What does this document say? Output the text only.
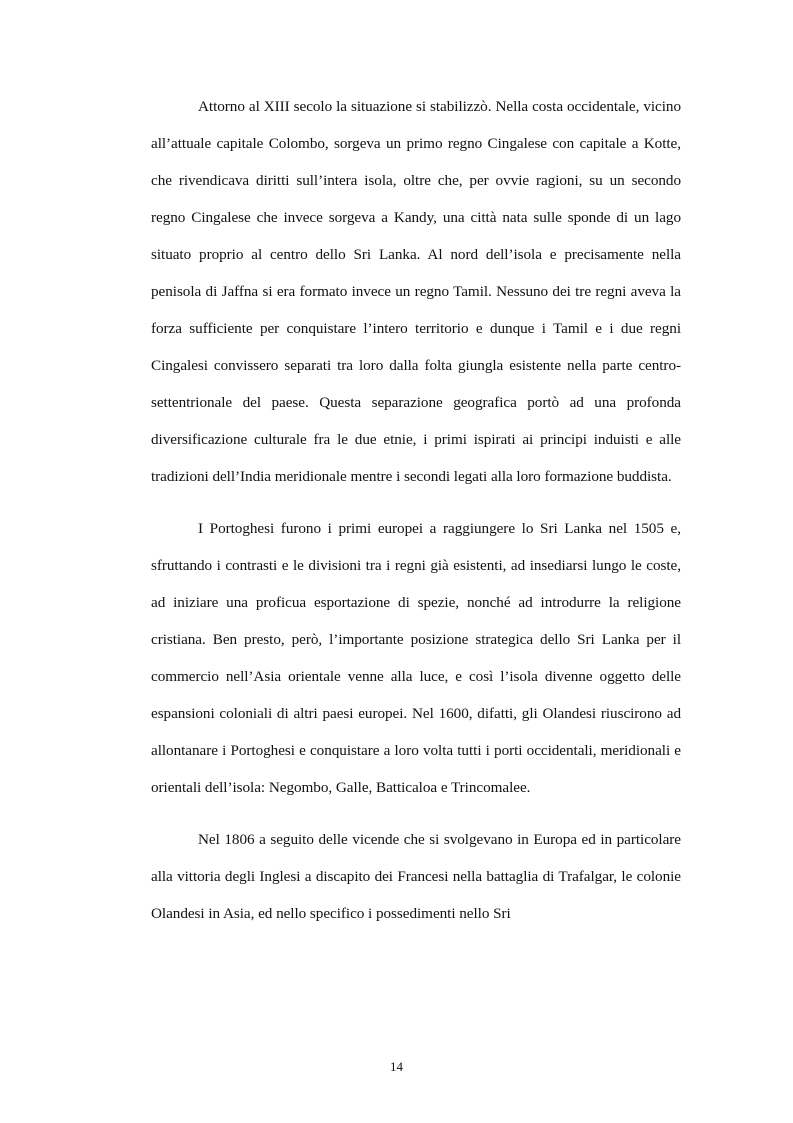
Attorno al XIII secolo la situazione si stabilizzò. Nella costa occidentale, vicino all’attuale capitale Colombo, sorgeva un primo regno Cingalese con capitale a Kotte, che rivendicava diritti sull’intera isola, oltre che, per ovvie ragioni, su un secondo regno Cingalese che invece sorgeva a Kandy, una città nata sulle sponde di un lago situato proprio al centro dello Sri Lanka. Al nord dell’isola e precisamente nella penisola di Jaffna si era formato invece un regno Tamil. Nessuno dei tre regni aveva la forza sufficiente per conquistare l’intero territorio e dunque i Tamil e i due regni Cingalesi convissero separati tra loro dalla folta giungla esistente nella parte centro-settentrionale del paese. Questa separazione geografica portò ad una profonda diversificazione culturale fra le due etnie, i primi ispirati ai principi induisti e alle tradizioni dell’India meridionale mentre i secondi legati alla loro formazione buddista.

I Portoghesi furono i primi europei a raggiungere lo Sri Lanka nel 1505 e, sfruttando i contrasti e le divisioni tra i regni già esistenti, ad insediarsi lungo le coste, ad iniziare una proficua esportazione di spezie, nonché ad introdurre la religione cristiana. Ben presto, però, l’importante posizione strategica dello Sri Lanka per il commercio nell’Asia orientale venne alla luce, e così l’isola divenne oggetto delle espansioni coloniali di altri paesi europei. Nel 1600, difatti, gli Olandesi riuscirono ad allontanare i Portoghesi e conquistare a loro volta tutti i porti occidentali, meridionali e orientali dell’isola: Negombo, Galle, Batticaloa e Trincomalee.

Nel 1806 a seguito delle vicende che si svolgevano in Europa ed in particolare alla vittoria degli Inglesi a discapito dei Francesi nella battaglia di Trafalgar, le colonie Olandesi in Asia, ed nello specifico i possedimenti nello Sri

14
